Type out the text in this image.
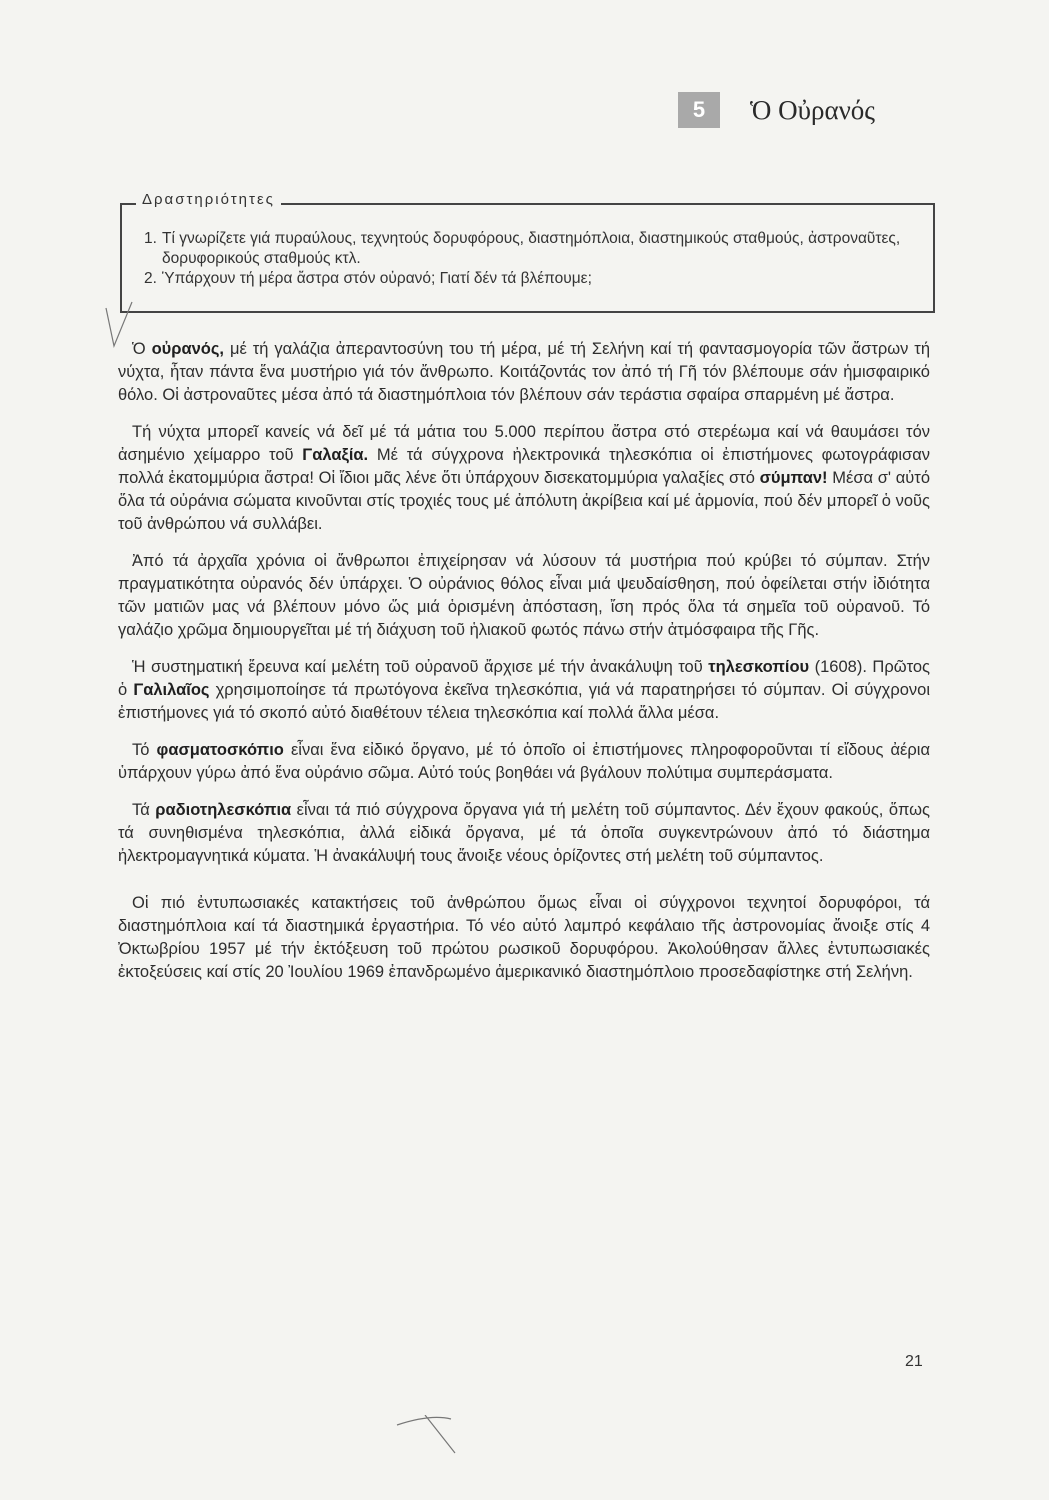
5	Ὁ Οὐρανός
Δραστηριότητες
1. Τί γνωρίζετε γιά πυραύλους, τεχνητούς δορυφόρους, διαστημόπλοια, διαστημικούς σταθμούς, ἀστροναῦτες, δορυφορικούς σταθμούς κτλ.
2. Ὑπάρχουν τή μέρα ἄστρα στόν οὐρανό; Γιατί δέν τά βλέπουμε;

Ὁ οὐρανός, μέ τή γαλάζια ἀπεραντοσύνη του τή μέρα, μέ τή Σελήνη καί τή φαντασμογορία τῶν ἄστρων τή νύχτα, ἦταν πάντα ἕνα μυστήριο γιά τόν ἄνθρωπο. Κοιτάζοντάς τον ἀπό τή Γῆ τόν βλέπουμε σάν ἡμισφαιρικό θόλο. Οἱ ἀστροναῦτες μέσα ἀπό τά διαστημόπλοια τόν βλέπουν σάν τεράστια σφαίρα σπαρμένη μέ ἄστρα.

Τή νύχτα μπορεῖ κανείς νά δεῖ μέ τά μάτια του 5.000 περίπου ἄστρα στό στερέωμα καί νά θαυμάσει τόν ἀσημένιο χείμαρρο τοῦ Γαλαξία. Μέ τά σύγχρονα ἠλεκτρονικά τηλεσκόπια οἱ ἐπιστήμονες φωτογράφισαν πολλά ἑκατομμύρια ἄστρα! Οἱ ἴδιοι μᾶς λένε ὅτι ὑπάρχουν δισεκατομμύρια γαλαξίες στό σύμπαν! Μέσα σ' αὐτό ὅλα τά οὐράνια σώματα κινοῦνται στίς τροχιές τους μέ ἀπόλυτη ἀκρίβεια καί μέ ἁρμονία, πού δέν μπορεῖ ὁ νοῦς τοῦ ἀνθρώπου νά συλλάβει.

Ἀπό τά ἀρχαῖα χρόνια οἱ ἄνθρωποι ἐπιχείρησαν νά λύσουν τά μυστήρια πού κρύβει τό σύμπαν. Στήν πραγματικότητα οὐρανός δέν ὑπάρχει. Ὁ οὐράνιος θόλος εἶναι μιά ψευδαίσθηση, πού ὀφείλεται στήν ἰδιότητα τῶν ματιῶν μας νά βλέπουν μόνο ὥς μιά ὁρισμένη ἀπόσταση, ἴση πρός ὅλα τά σημεῖα τοῦ οὐρανοῦ. Τό γαλάζιο χρῶμα δημιουργεῖται μέ τή διάχυση τοῦ ἡλιακοῦ φωτός πάνω στήν ἀτμόσφαιρα τῆς Γῆς.

Ἡ συστηματική ἔρευνα καί μελέτη τοῦ οὐρανοῦ ἄρχισε μέ τήν ἀνακάλυψη τοῦ τηλεσκοπίου (1608). Πρῶτος ὁ Γαλιλαῖος χρησιμοποίησε τά πρωτόγονα ἐκεῖνα τηλεσκόπια, γιά νά παρατηρήσει τό σύμπαν. Οἱ σύγχρονοι ἐπιστήμονες γιά τό σκοπό αὐτό διαθέτουν τέλεια τηλεσκόπια καί πολλά ἄλλα μέσα.

Τό φασματοσκόπιο εἶναι ἕνα εἰδικό ὄργανο, μέ τό ὁποῖο οἱ ἐπιστήμονες πληροφοροῦνται τί εἴδους ἀέρια ὑπάρχουν γύρω ἀπό ἕνα οὐράνιο σῶμα. Αὐτό τούς βοηθάει νά βγάλουν πολύτιμα συμπεράσματα.

Τά ραδιοτηλεσκόπια εἶναι τά πιό σύγχρονα ὄργανα γιά τή μελέτη τοῦ σύμπαντος. Δέν ἔχουν φακούς, ὅπως τά συνηθισμένα τηλεσκόπια, ἀλλά εἰδικά ὄργανα, μέ τά ὁποῖα συγκεντρώνουν ἀπό τό διάστημα ἠλεκτρομαγνητικά κύματα. Ἡ ἀνακάλυψή τους ἄνοιξε νέους ὁρίζοντες στή μελέτη τοῦ σύμπαντος.

Οἱ πιό ἐντυπωσιακές κατακτήσεις τοῦ ἀνθρώπου ὅμως εἶναι οἱ σύγχρονοι τεχνητοί δορυφόροι, τά διαστημόπλοια καί τά διαστημικά ἐργαστήρια. Τό νέο αὐτό λαμπρό κεφάλαιο τῆς ἀστρονομίας ἄνοιξε στίς 4 Ὀκτωβρίου 1957 μέ τήν ἐκτόξευση τοῦ πρώτου ρωσικοῦ δορυφόρου. Ἀκολούθησαν ἄλλες ἐντυπωσιακές ἐκτοξεύσεις καί στίς 20 Ἰουλίου 1969 ἐπανδρωμένο ἀμερικανικό διαστημόπλοιο προσεδαφίστηκε στή Σελήνη.

21
